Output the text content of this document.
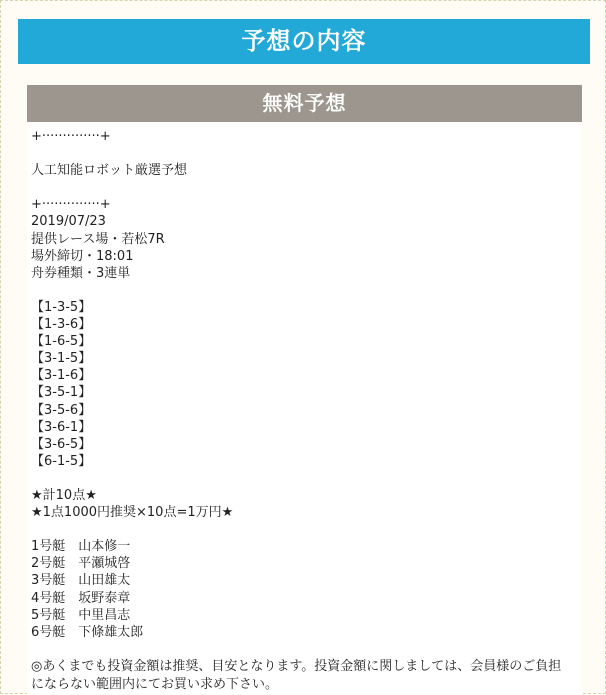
予想の内容
無料予想
+··············+
人工知能ロボット厳選予想
+··············+
2019/07/23
提供レース場・若松7R
場外締切・18:01
舟券種類・3連単
【1-3-5】
【1-3-6】
【1-6-5】
【3-1-5】
【3-1-6】
【3-5-1】
【3-5-6】
【3-6-1】
【3-6-5】
【6-1-5】
★計10点★
★1点1000円推奨×10点=1万円★
1号艇　山本修一
2号艇　平瀬城啓
3号艇　山田雄太
4号艇　坂野泰章
5号艇　中里昌志
6号艇　下條雄太郎
◎あくまでも投資金額は推奨、目安となります。投資金額に関しましては、会員様のご負担にならない範囲内にてお買い求め下さい。
